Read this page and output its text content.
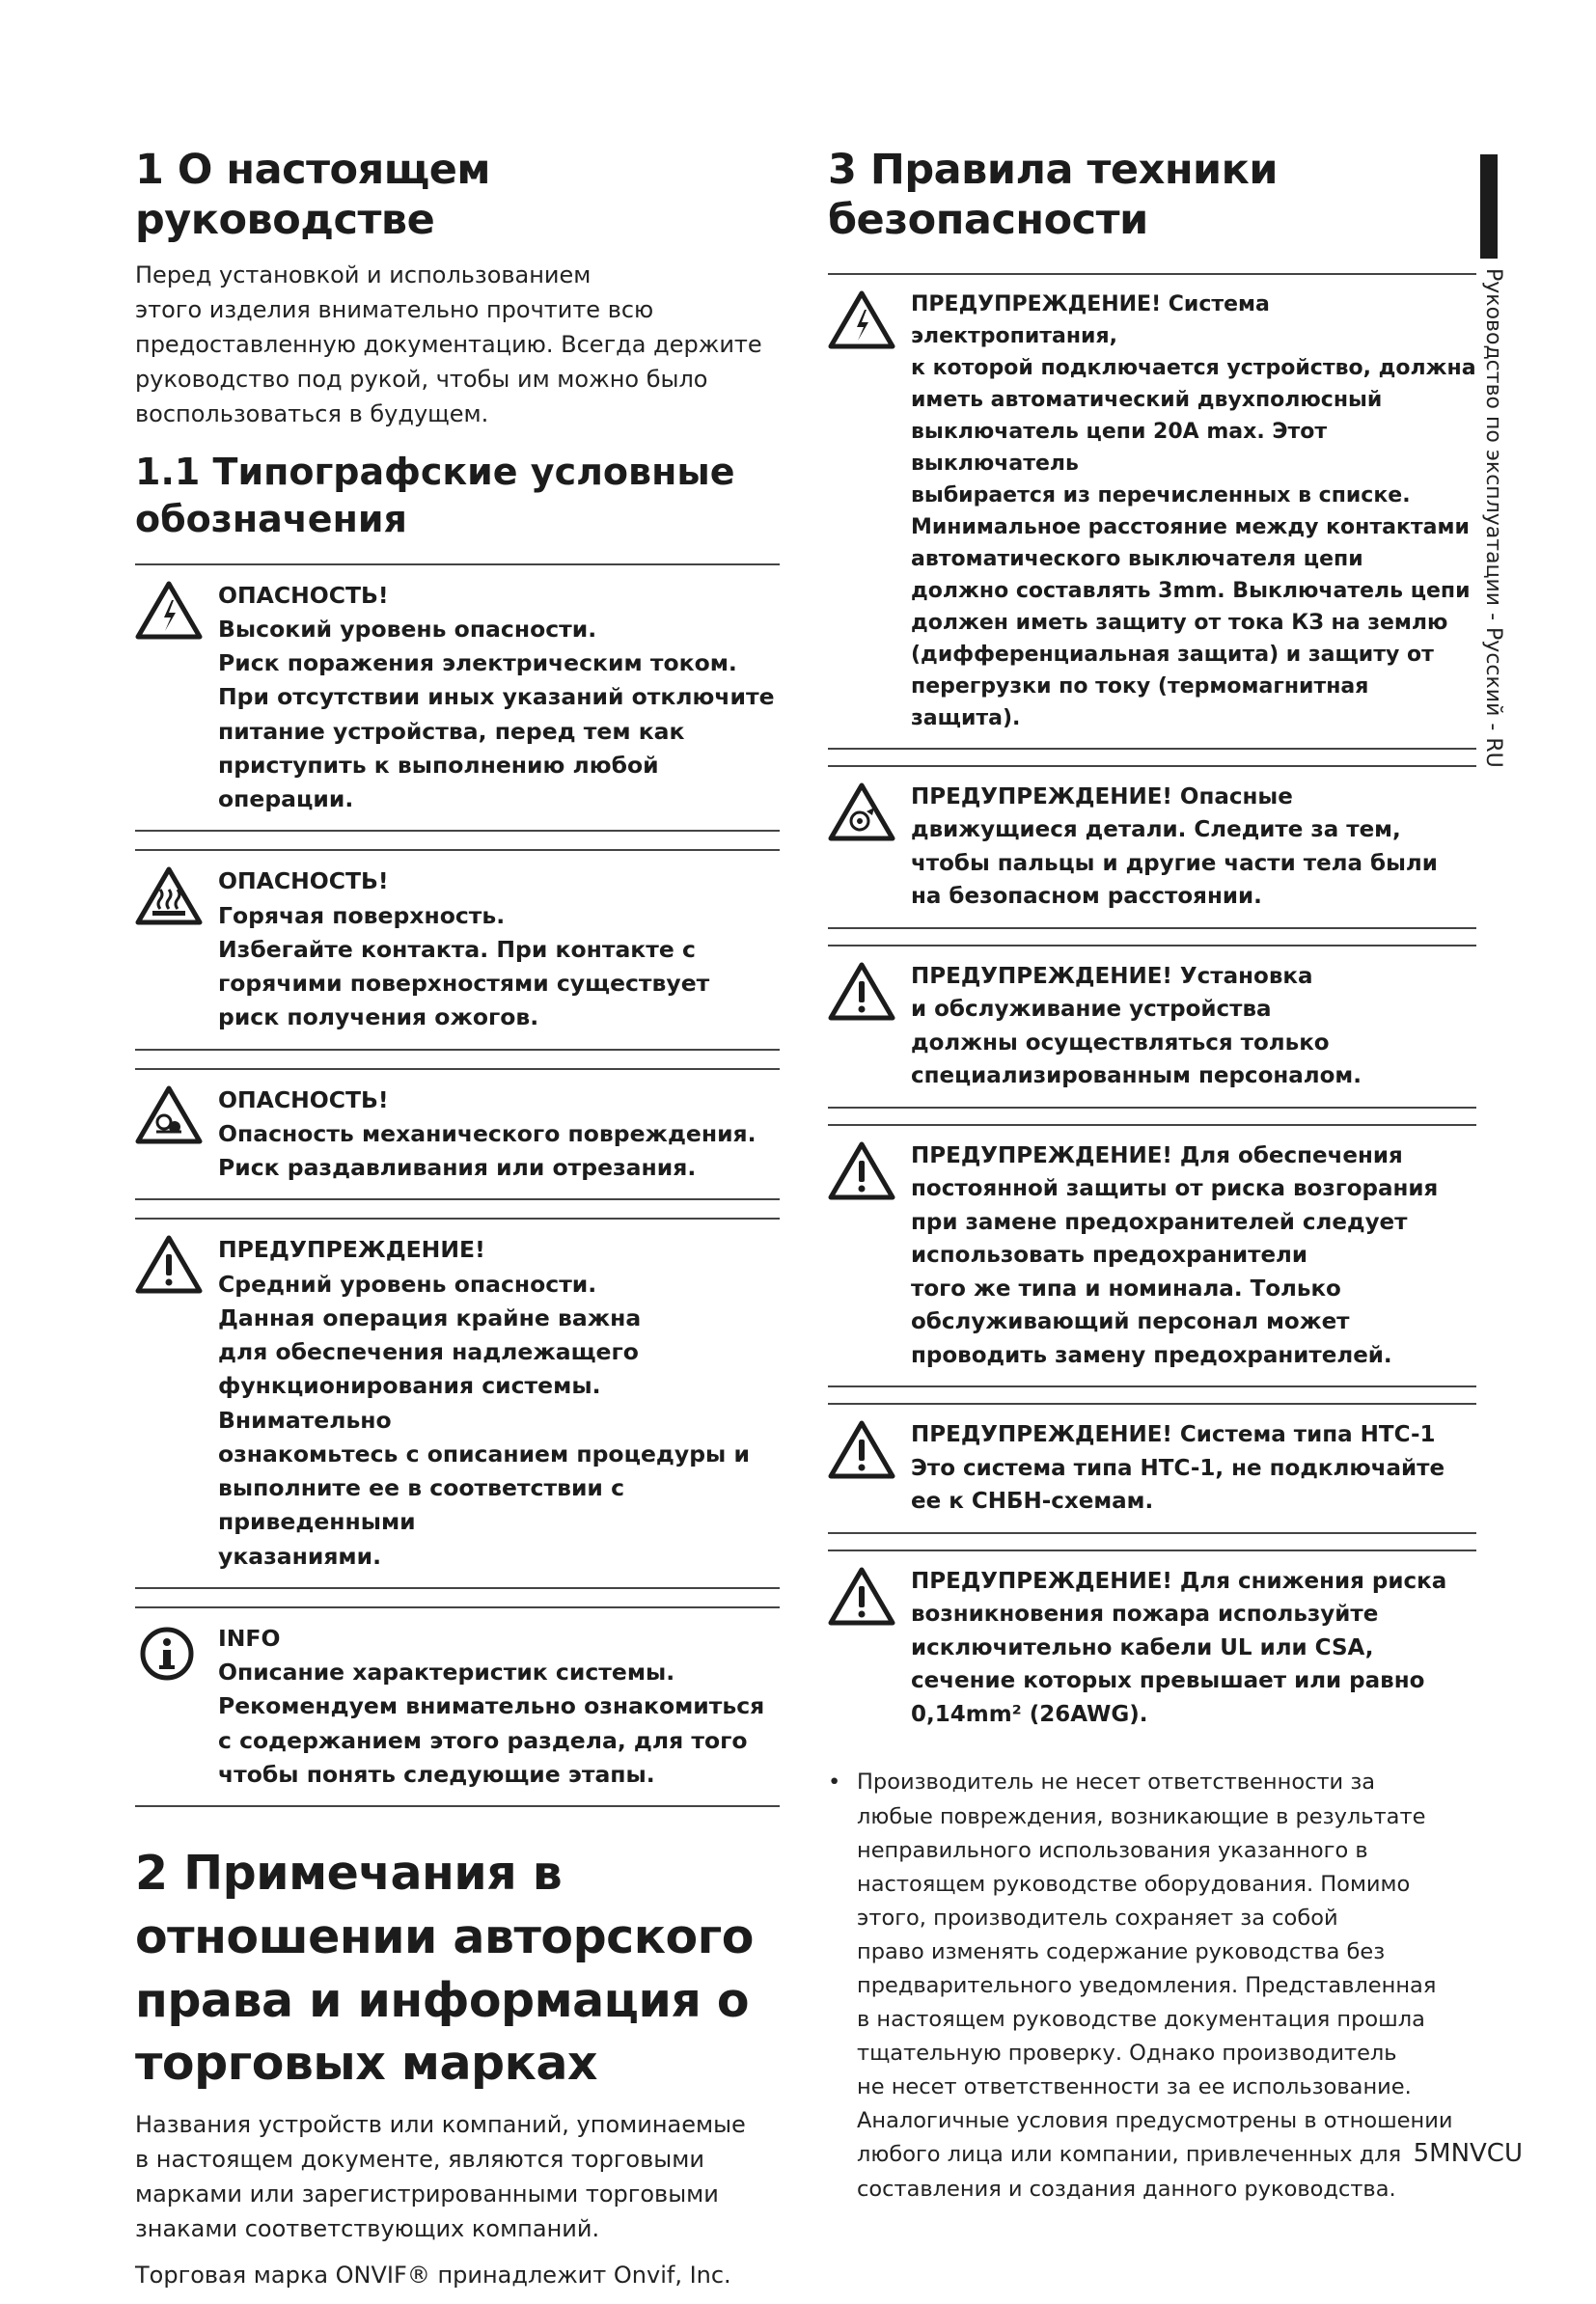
Руководство по эксплуатации - Русский - RU
1 О настоящем руководстве

Перед установкой и использованием
этого изделия внимательно прочтите всю
предоставленную документацию. Всегда держите
руководство под рукой, чтобы им можно было
воспользоваться в будущем.

1.1 Типографские условные
обозначения
ОПАСНОСТЬ!
Высокий уровень опасности.
Риск поражения электрическим током.
При отсутствии иных указаний отключите
питание устройства, перед тем как
приступить к выполнению любой операции.
ОПАСНОСТЬ!
Горячая поверхность.
Избегайте контакта. При контакте с
горячими поверхностями существует
риск получения ожогов.
ОПАСНОСТЬ!
Опасность механического повреждения.
Риск раздавливания или отрезания.
ПРЕДУПРЕЖДЕНИЕ!
Средний уровень опасности.
Данная операция крайне важна
для обеспечения надлежащего
функционирования системы. Внимательно
ознакомьтесь с описанием процедуры и
выполните ее в соответствии с приведенными
указаниями.
INFO
Описание характеристик системы.
Рекомендуем внимательно ознакомиться
с содержанием этого раздела, для того
чтобы понять следующие этапы.
2 Примечания в
отношении авторского
права и информация о
торговых марках

Названия устройств или компаний, упоминаемые
в настоящем документе, являются торговыми
марками или зарегистрированными торговыми
знаками соответствующих компаний.

Торговая марка ONVIF® принадлежит Onvif, Inc.

3 Правила техники безопасности
ПРЕДУПРЕЖДЕНИЕ! Система электропитания,
к которой подключается устройство, должна
иметь автоматический двухполюсный
выключатель цепи 20A max. Этот выключатель
выбирается из перечисленных в списке.
Минимальное расстояние между контактами
автоматического выключателя цепи
должно составлять 3mm. Выключатель цепи
должен иметь защиту от тока КЗ на землю
(дифференциальная защита) и защиту от
перегрузки по току (термомагнитная защита).
ПРЕДУПРЕЖДЕНИЕ! Опасные
движущиеся детали. Следите за тем,
чтобы пальцы и другие части тела были
на безопасном расстоянии.
ПРЕДУПРЕЖДЕНИЕ! Установка
и обслуживание устройства
должны осуществляться только
специализированным персоналом.
ПРЕДУПРЕЖДЕНИЕ! Для обеспечения
постоянной защиты от риска возгорания
при замене предохранителей следует
использовать предохранители
того же типа и номинала. Только
обслуживающий персонал может
проводить замену предохранителей.
ПРЕДУПРЕЖДЕНИЕ! Система типа HTC-1
Это система типа HTC-1, не подключайте
ее к СНБН-схемам.
ПРЕДУПРЕЖДЕНИЕ! Для снижения риска
возникновения пожара используйте
исключительно кабели UL или CSA,
сечение которых превышает или равно
0,14mm² (26AWG).
• Производитель не несет ответственности за
любые повреждения, возникающие в результате
неправильного использования указанного в
настоящем руководстве оборудования. Помимо
этого, производитель сохраняет за собой
право изменять содержание руководства без
предварительного уведомления. Представленная
в настоящем руководстве документация прошла
тщательную проверку. Однако производитель
не несет ответственности за ее использование.
Аналогичные условия предусмотрены в отношении
любого лица или компании, привлеченных для
составления и создания данного руководства.
5MNVCU
